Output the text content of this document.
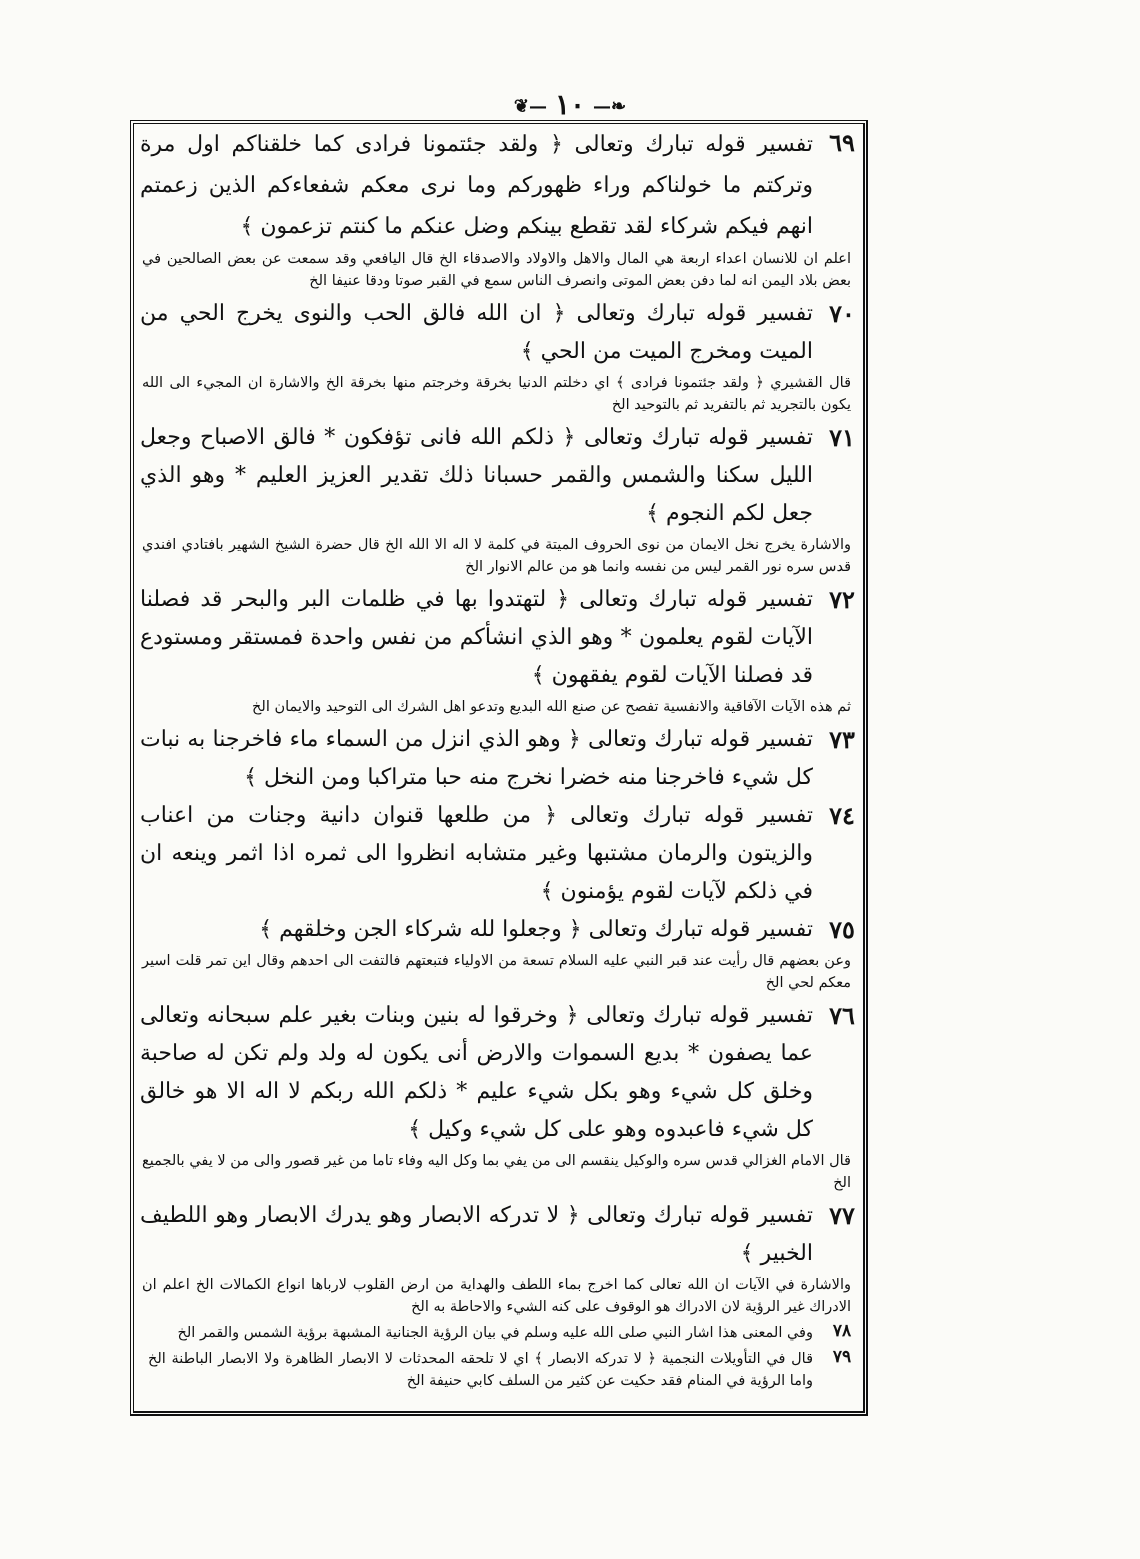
❦— ١٠ —❧
٦٩

تفسير قوله تبارك وتعالى ﴿ ولقد جئتمونا فرادى كما خلقناكم اول مرة وتركتم ما خولناكم وراء ظهوركم وما نرى معكم شفعاءكم الذين زعمتم انهم فيكم شركاء لقد تقطع بينكم وضل عنكم ما كنتم تزعمون ﴾

اعلم ان للانسان اعداء اربعة هي المال والاهل والاولاد والاصدقاء الخ قال اليافعي وقد سمعت عن بعض الصالحين في بعض بلاد اليمن انه لما دفن بعض الموتى وانصرف الناس سمع في القبر صوتا ودقا عنيفا الخ

٧٠

تفسير قوله تبارك وتعالى ﴿ ان الله فالق الحب والنوى يخرج الحي من الميت ومخرج الميت من الحي ﴾

قال القشيري ﴿ ولقد جئتمونا فرادى ﴾ اي دخلتم الدنيا بخرقة وخرجتم منها بخرقة الخ والاشارة ان المجيء الى الله يكون بالتجريد ثم بالتفريد ثم بالتوحيد الخ

٧١

تفسير قوله تبارك وتعالى ﴿ ذلكم الله فانى تؤفكون * فالق الاصباح وجعل الليل سكنا والشمس والقمر حسبانا ذلك تقدير العزيز العليم * وهو الذي جعل لكم النجوم ﴾

والاشارة يخرج نخل الايمان من نوى الحروف الميتة في كلمة لا اله الا الله الخ قال حضرة الشيخ الشهير بافتادي افندي قدس سره نور القمر ليس من نفسه وانما هو من عالم الانوار الخ

٧٢

تفسير قوله تبارك وتعالى ﴿ لتهتدوا بها في ظلمات البر والبحر قد فصلنا الآيات لقوم يعلمون * وهو الذي انشأكم من نفس واحدة فمستقر ومستودع قد فصلنا الآيات لقوم يفقهون ﴾

ثم هذه الآيات الآفاقية والانفسية تفصح عن صنع الله البديع وتدعو اهل الشرك الى التوحيد والايمان الخ

٧٣

تفسير قوله تبارك وتعالى ﴿ وهو الذي انزل من السماء ماء فاخرجنا به نبات كل شيء فاخرجنا منه خضرا نخرج منه حبا متراكبا ومن النخل ﴾

٧٤

تفسير قوله تبارك وتعالى ﴿ من طلعها قنوان دانية وجنات من اعناب والزيتون والرمان مشتبها وغير متشابه انظروا الى ثمره اذا اثمر وينعه ان في ذلكم لآيات لقوم يؤمنون ﴾

٧٥

تفسير قوله تبارك وتعالى ﴿ وجعلوا لله شركاء الجن وخلقهم ﴾

وعن بعضهم قال رأيت عند قبر النبي عليه السلام تسعة من الاولياء فتبعتهم فالتفت الى احدهم وقال اين تمر قلت اسير معكم لحي الخ

٧٦

تفسير قوله تبارك وتعالى ﴿ وخرقوا له بنين وبنات بغير علم سبحانه وتعالى عما يصفون * بديع السموات والارض أنى يكون له ولد ولم تكن له صاحبة وخلق كل شيء وهو بكل شيء عليم * ذلكم الله ربكم لا اله الا هو خالق كل شيء فاعبدوه وهو على كل شيء وكيل ﴾

قال الامام الغزالي قدس سره والوكيل ينقسم الى من يفي بما وكل اليه وفاء تاما من غير قصور والى من لا يفي بالجميع الخ

٧٧

تفسير قوله تبارك وتعالى ﴿ لا تدركه الابصار وهو يدرك الابصار وهو اللطيف الخبير ﴾

والاشارة في الآيات ان الله تعالى كما اخرج بماء اللطف والهداية من ارض القلوب لارباها انواع الكمالات الخ اعلم ان الادراك غير الرؤية لان الادراك هو الوقوف على كنه الشيء والاحاطة به الخ

٧٨

وفي المعنى هذا اشار النبي صلى الله عليه وسلم في بيان الرؤية الجنانية المشبهة برؤية الشمس والقمر الخ

٧٩

قال في التأويلات النجمية ﴿ لا تدركه الابصار ﴾ اي لا تلحقه المحدثات لا الابصار الظاهرة ولا الابصار الباطنة الخ واما الرؤية في المنام فقد حكيت عن كثير من السلف كابي حنيفة الخ
